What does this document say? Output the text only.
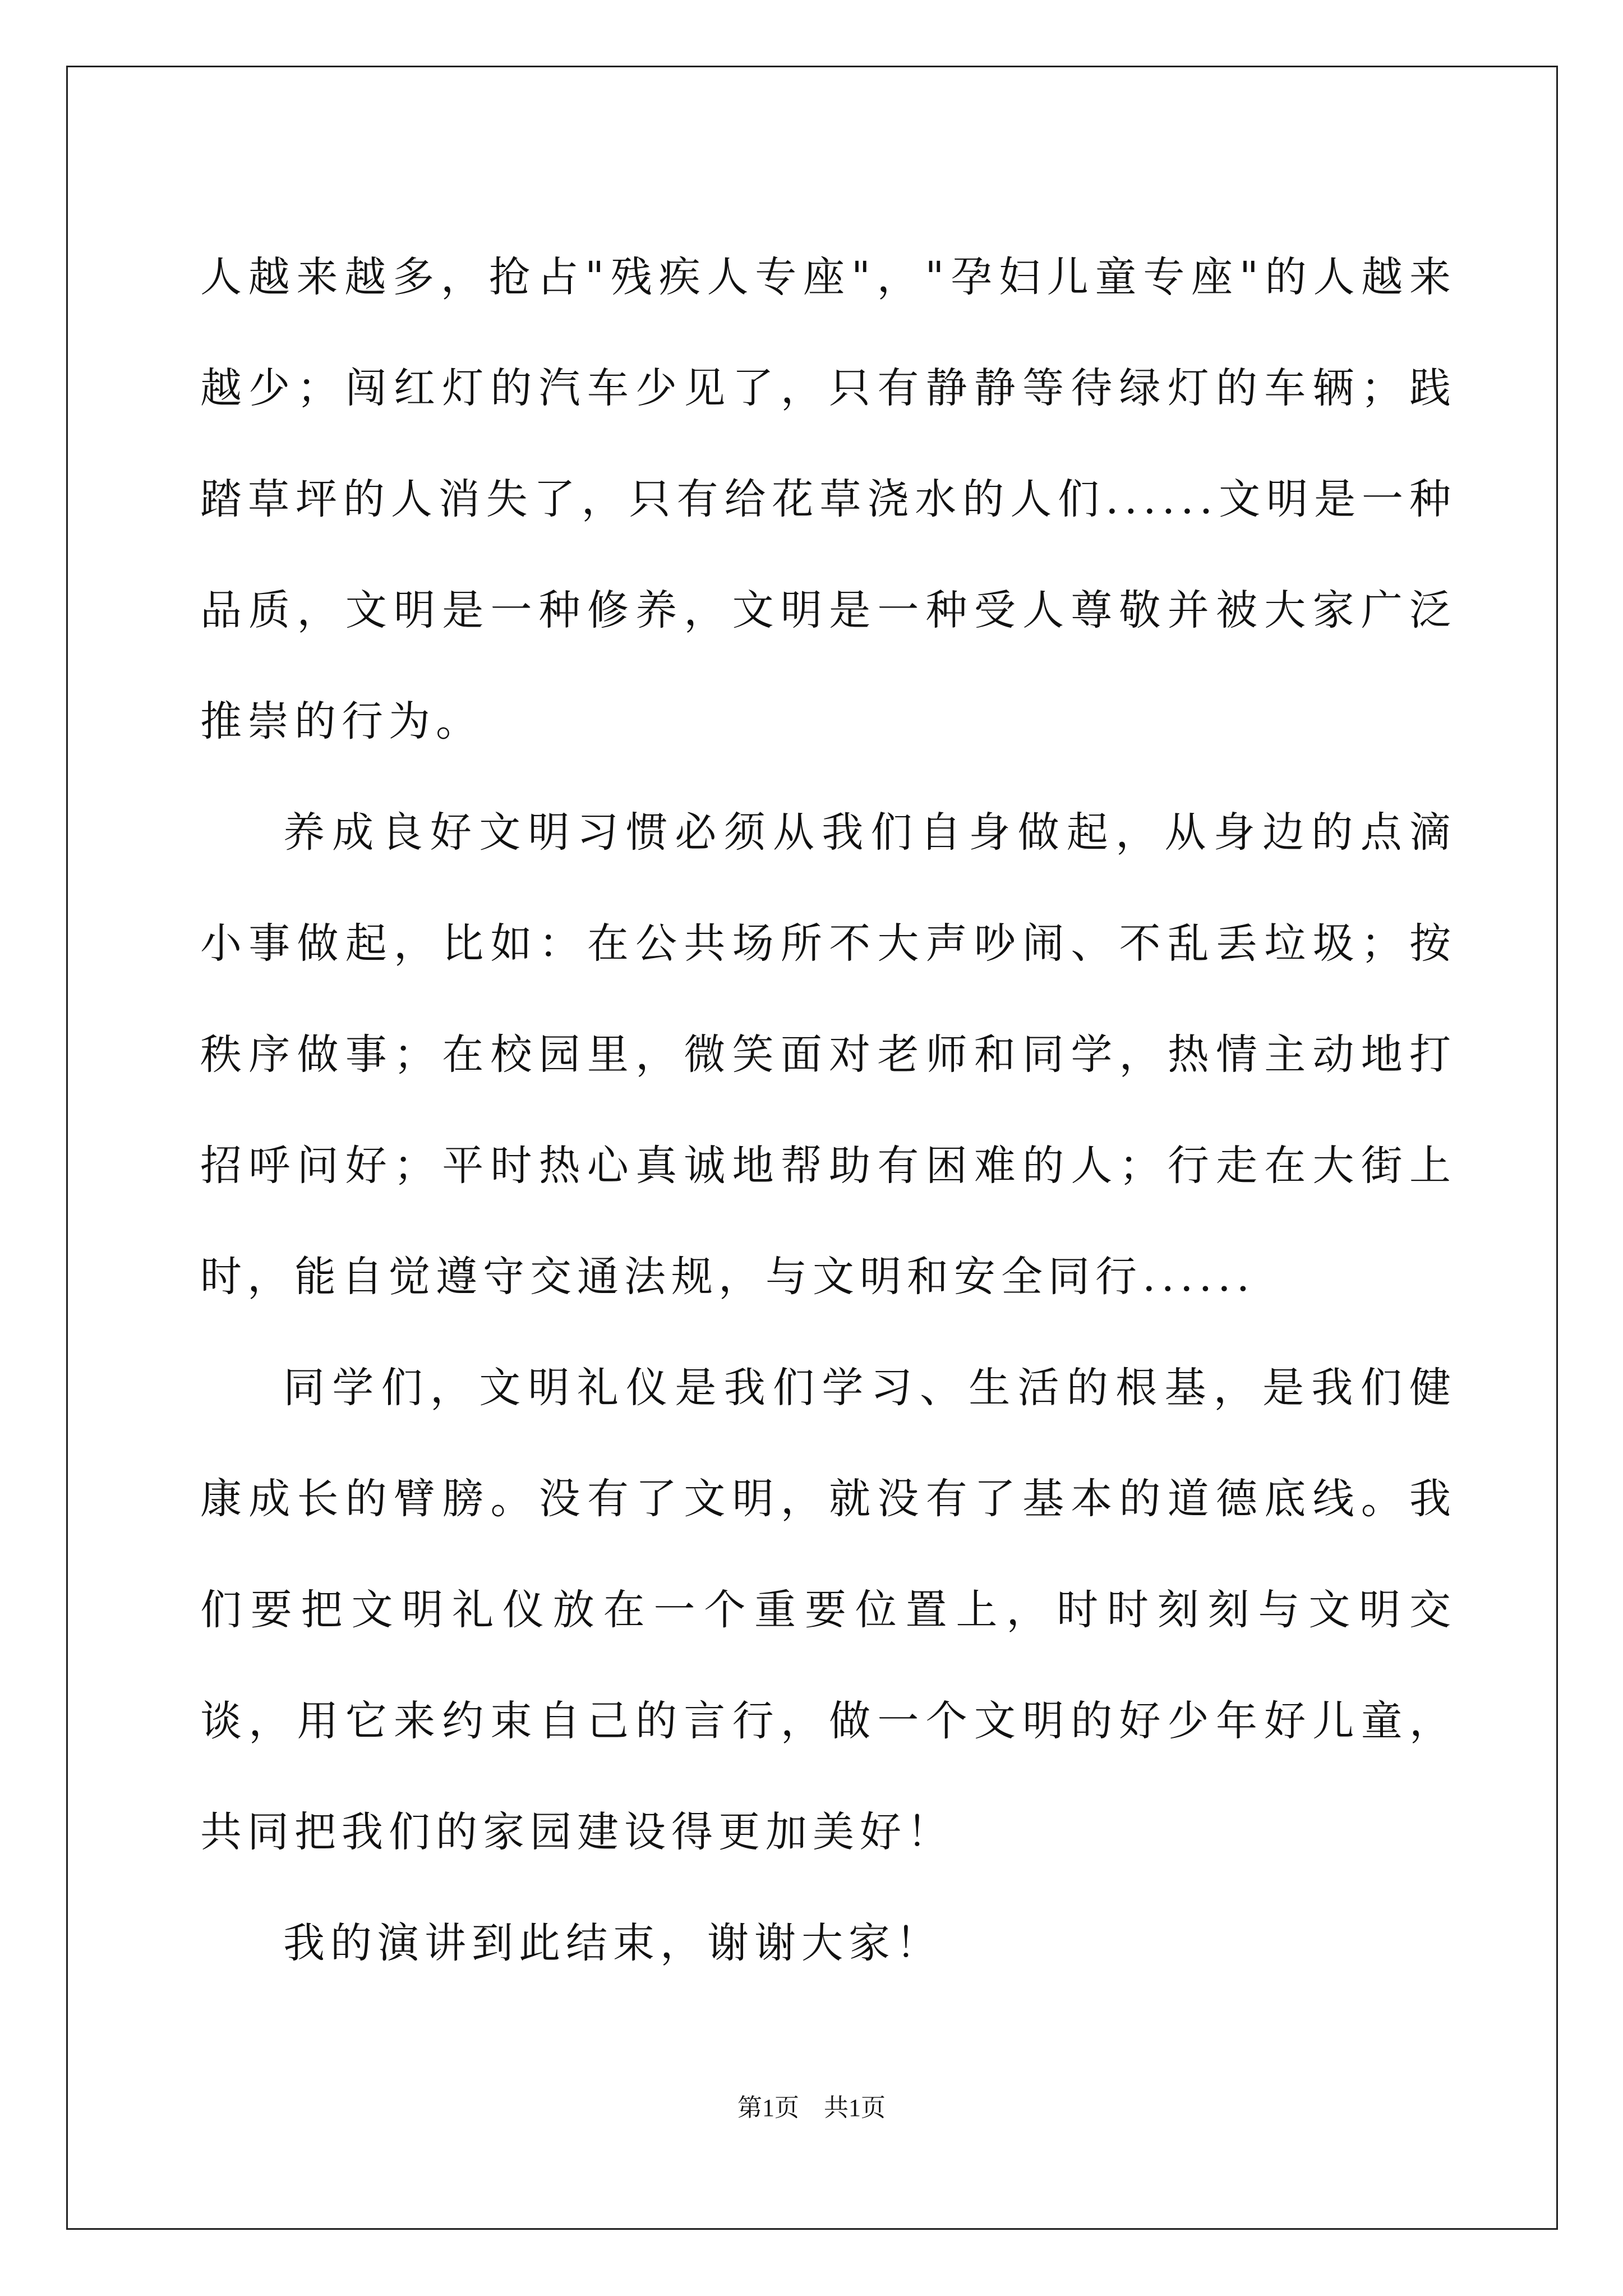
人越来越多，抢占"残疾人专座"，"孕妇儿童专座"的人越来越少；闯红灯的汽车少见了，只有静静等待绿灯的车辆；践踏草坪的人消失了，只有给花草浇水的人们......文明是一种品质，文明是一种修养，文明是一种受人尊敬并被大家广泛推崇的行为。

养成良好文明习惯必须从我们自身做起，从身边的点滴小事做起，比如：在公共场所不大声吵闹、不乱丢垃圾；按秩序做事；在校园里，微笑面对老师和同学，热情主动地打招呼问好；平时热心真诚地帮助有困难的人；行走在大街上时，能自觉遵守交通法规，与文明和安全同行......

同学们，文明礼仪是我们学习、生活的根基，是我们健康成长的臂膀。没有了文明，就没有了基本的道德底线。我们要把文明礼仪放在一个重要位置上，时时刻刻与文明交谈，用它来约束自己的言行，做一个文明的好少年好儿童，共同把我们的家园建设得更加美好！

我的演讲到此结束，谢谢大家！

第1页 共1页
